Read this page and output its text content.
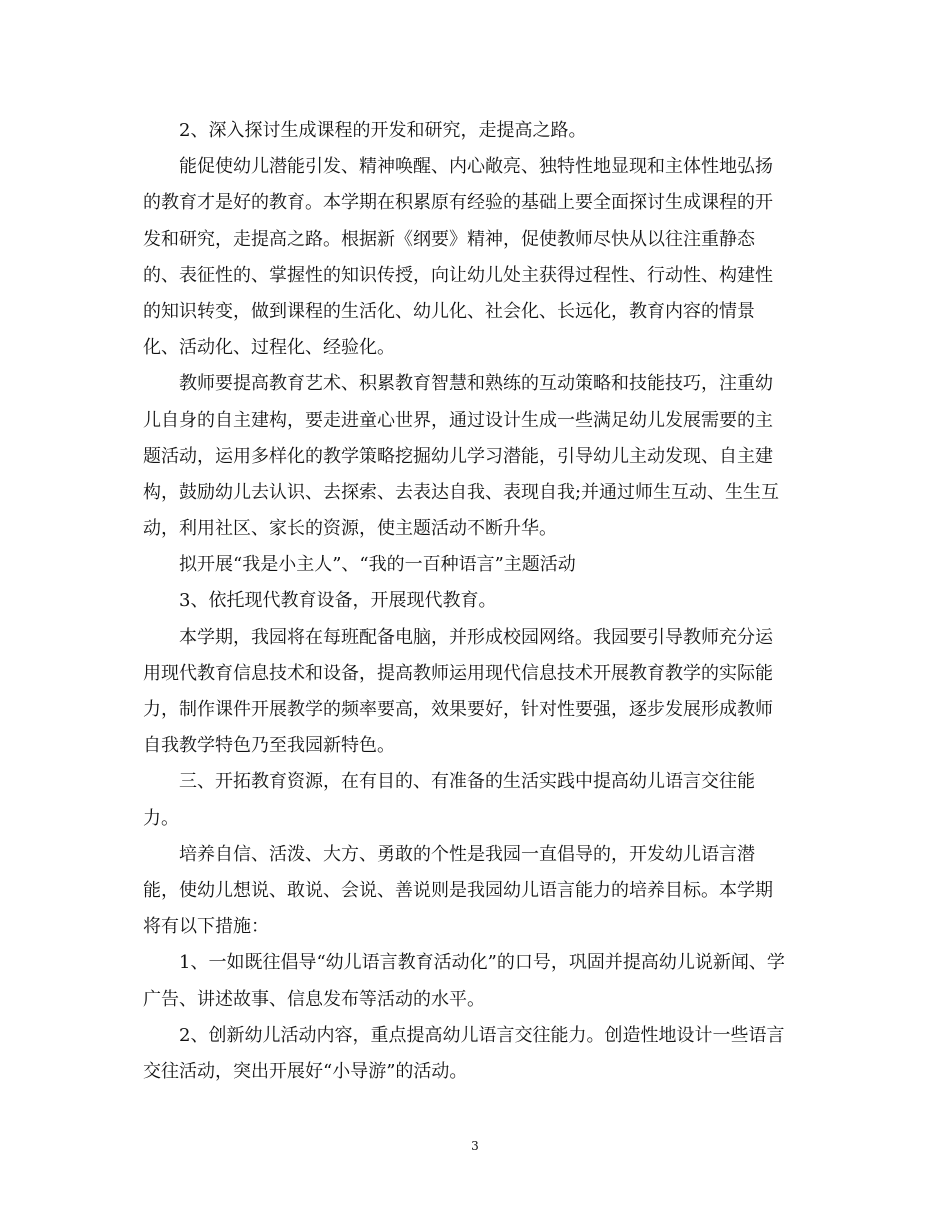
2、深入探讨生成课程的开发和研究，走提高之路。
能促使幼儿潜能引发、精神唤醒、内心敞亮、独特性地显现和主体性地弘扬
的教育才是好的教育。本学期在积累原有经验的基础上要全面探讨生成课程的开
发和研究，走提高之路。根据新《纲要》精神，促使教师尽快从以往注重静态
的、表征性的、掌握性的知识传授，向让幼儿处主获得过程性、行动性、构建性
的知识转变，做到课程的生活化、幼儿化、社会化、长远化，教育内容的情景
化、活动化、过程化、经验化。
教师要提高教育艺术、积累教育智慧和熟练的互动策略和技能技巧，注重幼
儿自身的自主建构，要走进童心世界，通过设计生成一些满足幼儿发展需要的主
题活动，运用多样化的教学策略挖掘幼儿学习潜能，引导幼儿主动发现、自主建
构，鼓励幼儿去认识、去探索、去表达自我、表现自我;并通过师生互动、生生互
动，利用社区、家长的资源，使主题活动不断升华。
拟开展“我是小主人”、“我的一百种语言”主题活动
3、依托现代教育设备，开展现代教育。
本学期，我园将在每班配备电脑，并形成校园网络。我园要引导教师充分运
用现代教育信息技术和设备，提高教师运用现代信息技术开展教育教学的实际能
力，制作课件开展教学的频率要高，效果要好，针对性要强，逐步发展形成教师
自我教学特色乃至我园新特色。
三、开拓教育资源，在有目的、有准备的生活实践中提高幼儿语言交往能
力。
培养自信、活泼、大方、勇敢的个性是我园一直倡导的，开发幼儿语言潜
能，使幼儿想说、敢说、会说、善说则是我园幼儿语言能力的培养目标。本学期
将有以下措施：
1、一如既往倡导“幼儿语言教育活动化”的口号，巩固并提高幼儿说新闻、学
广告、讲述故事、信息发布等活动的水平。
2、创新幼儿活动内容，重点提高幼儿语言交往能力。创造性地设计一些语言
交往活动，突出开展好“小导游”的活动。
3
